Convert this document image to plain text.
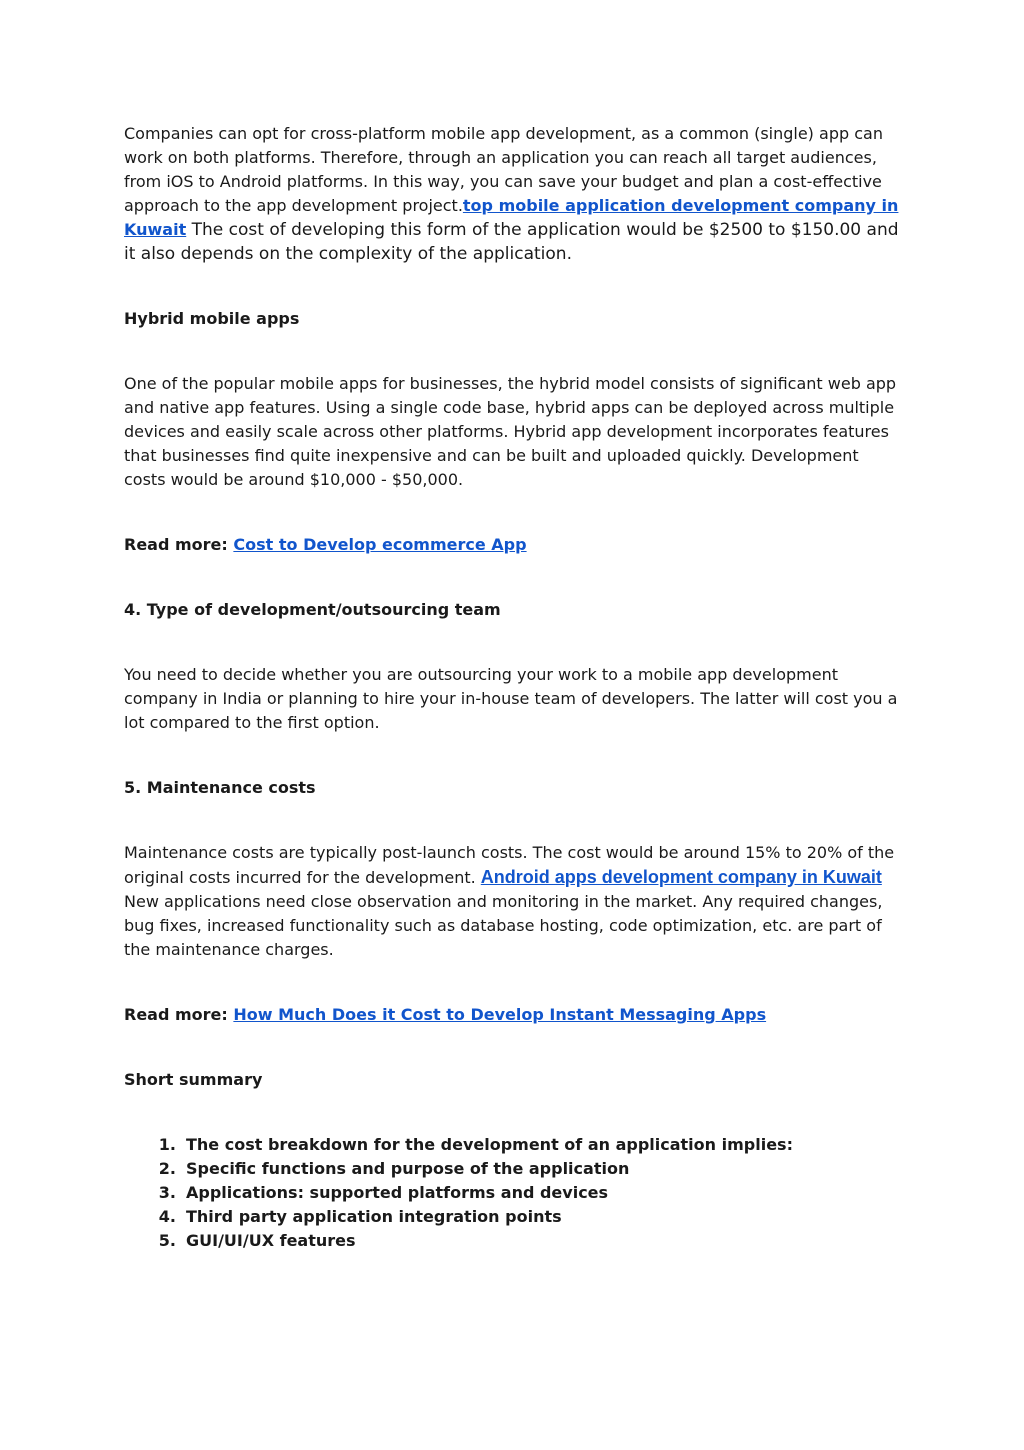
Companies can opt for cross-platform mobile app development, as a common (single) app can work on both platforms. Therefore, through an application you can reach all target audiences, from iOS to Android platforms. In this way, you can save your budget and plan a cost-effective approach to the app development project.top mobile application development company in Kuwait The cost of developing this form of the application would be $2500 to $150.00 and it also depends on the complexity of the application.

Hybrid mobile apps

One of the popular mobile apps for businesses, the hybrid model consists of significant web app and native app features. Using a single code base, hybrid apps can be deployed across multiple devices and easily scale across other platforms. Hybrid app development incorporates features that businesses find quite inexpensive and can be built and uploaded quickly. Development costs would be around $10,000 - $50,000.

Read more: Cost to Develop ecommerce App

4. Type of development/outsourcing team

You need to decide whether you are outsourcing your work to a mobile app development company in India or planning to hire your in-house team of developers. The latter will cost you a lot compared to the first option.

5. Maintenance costs

Maintenance costs are typically post-launch costs. The cost would be around 15% to 20% of the original costs incurred for the development. Android apps development company in Kuwait New applications need close observation and monitoring in the market. Any required changes, bug fixes, increased functionality such as database hosting, code optimization, etc. are part of the maintenance charges.

Read more: How Much Does it Cost to Develop Instant Messaging Apps

Short summary

1. The cost breakdown for the development of an application implies:
2. Specific functions and purpose of the application
3. Applications: supported platforms and devices
4. Third party application integration points
5. GUI/UI/UX features
